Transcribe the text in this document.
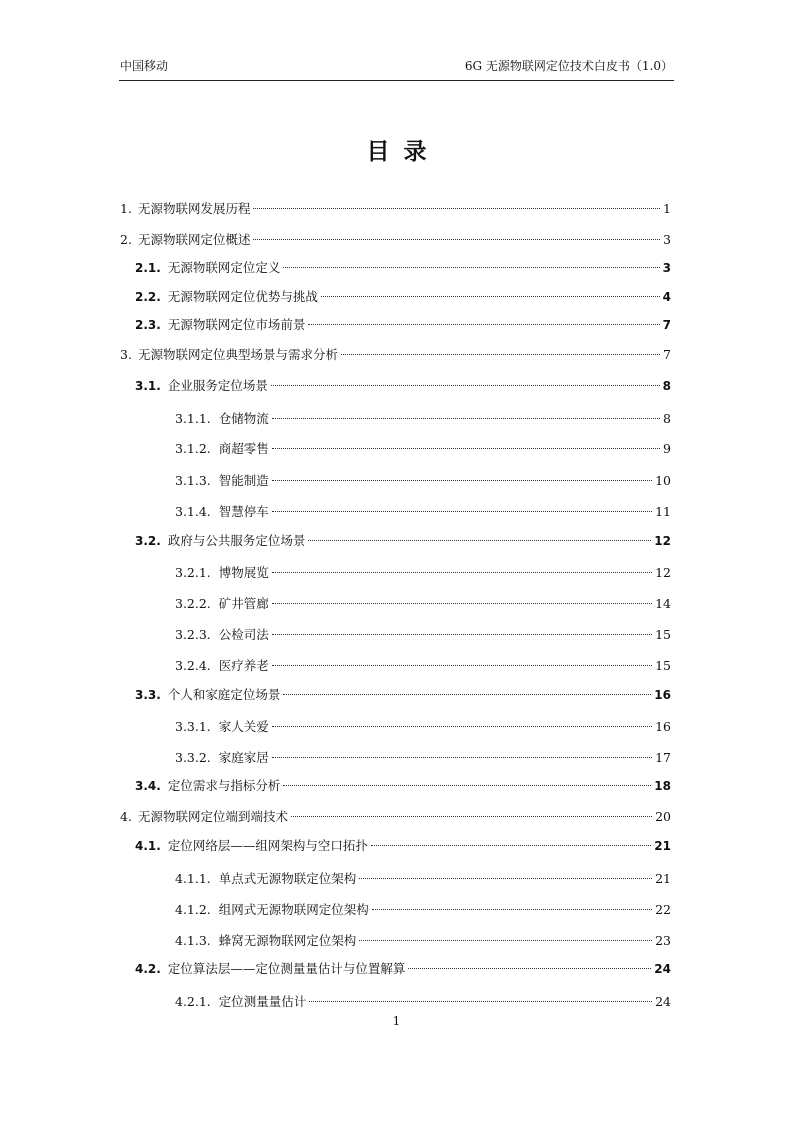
中国移动	6G 无源物联网定位技术白皮书（1.0）
目录
1. 无源物联网发展历程	1
2. 无源物联网定位概述	3
2.1. 无源物联网定位定义	3
2.2. 无源物联网定位优势与挑战	4
2.3. 无源物联网定位市场前景	7
3. 无源物联网定位典型场景与需求分析	7
3.1. 企业服务定位场景	8
3.1.1. 仓储物流	8
3.1.2. 商超零售	9
3.1.3. 智能制造	10
3.1.4. 智慧停车	11
3.2. 政府与公共服务定位场景	12
3.2.1. 博物展览	12
3.2.2. 矿井管廊	14
3.2.3. 公检司法	15
3.2.4. 医疗养老	15
3.3. 个人和家庭定位场景	16
3.3.1. 家人关爱	16
3.3.2. 家庭家居	17
3.4. 定位需求与指标分析	18
4. 无源物联网定位端到端技术	20
4.1. 定位网络层——组网架构与空口拓扑	21
4.1.1. 单点式无源物联定位架构	21
4.1.2. 组网式无源物联网定位架构	22
4.1.3. 蜂窝无源物联网定位架构	23
4.2. 定位算法层——定位测量量估计与位置解算	24
4.2.1. 定位测量量估计	24
1
